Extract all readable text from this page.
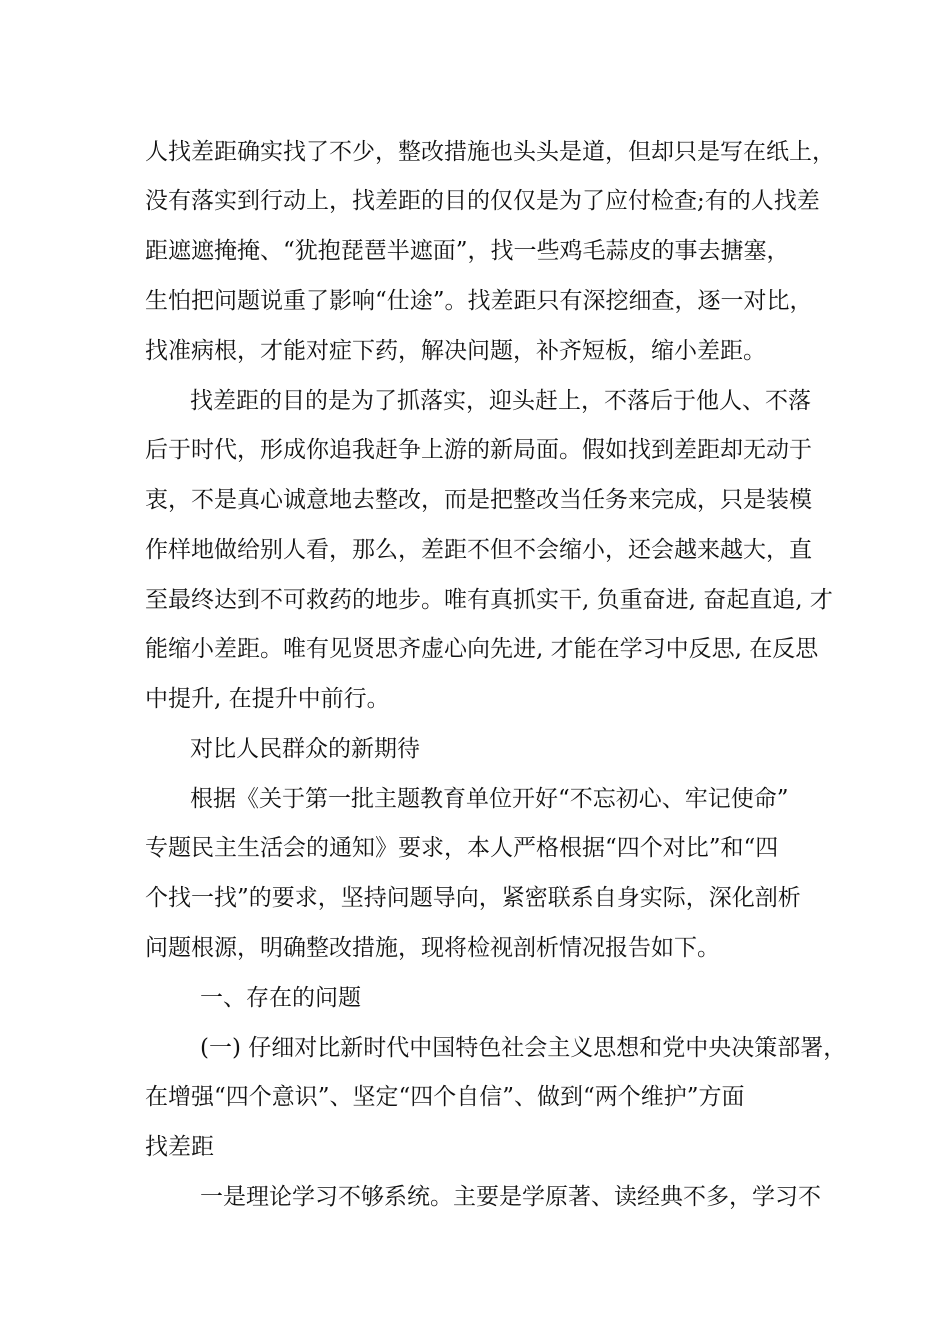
人找差距确实找了不少，整改措施也头头是道，但却只是写在纸上，
没有落实到行动上，找差距的目的仅仅是为了应付检查;有的人找差
距遮遮掩掩、“犹抱琵琶半遮面”，找一些鸡毛蒜皮的事去搪塞，
生怕把问题说重了影响“仕途”。找差距只有深挖细查，逐一对比，
找准病根，才能对症下药，解决问题，补齐短板，缩小差距。
找差距的目的是为了抓落实，迎头赶上，不落后于他人、不落
后于时代，形成你追我赶争上游的新局面。假如找到差距却无动于
衷，不是真心诚意地去整改，而是把整改当任务来完成，只是装模
作样地做给别人看，那么，差距不但不会缩小，还会越来越大，直
至最终达到不可救药的地步。唯有真抓实干, 负重奋进, 奋起直追, 才
能缩小差距。唯有见贤思齐虚心向先进, 才能在学习中反思, 在反思
中提升, 在提升中前行。
对比人民群众的新期待
根据《关于第一批主题教育单位开好“不忘初心、牢记使命”
专题民主生活会的通知》要求，本人严格根据“四个对比”和“四
个找一找”的要求，坚持问题导向，紧密联系自身实际，深化剖析
问题根源，明确整改措施，现将检视剖析情况报告如下。
一、存在的问题
(一) 仔细对比新时代中国特色社会主义思想和党中央决策部署，
在增强“四个意识”、坚定“四个自信”、做到“两个维护”方面
找差距
一是理论学习不够系统。主要是学原著、读经典不多，学习不
